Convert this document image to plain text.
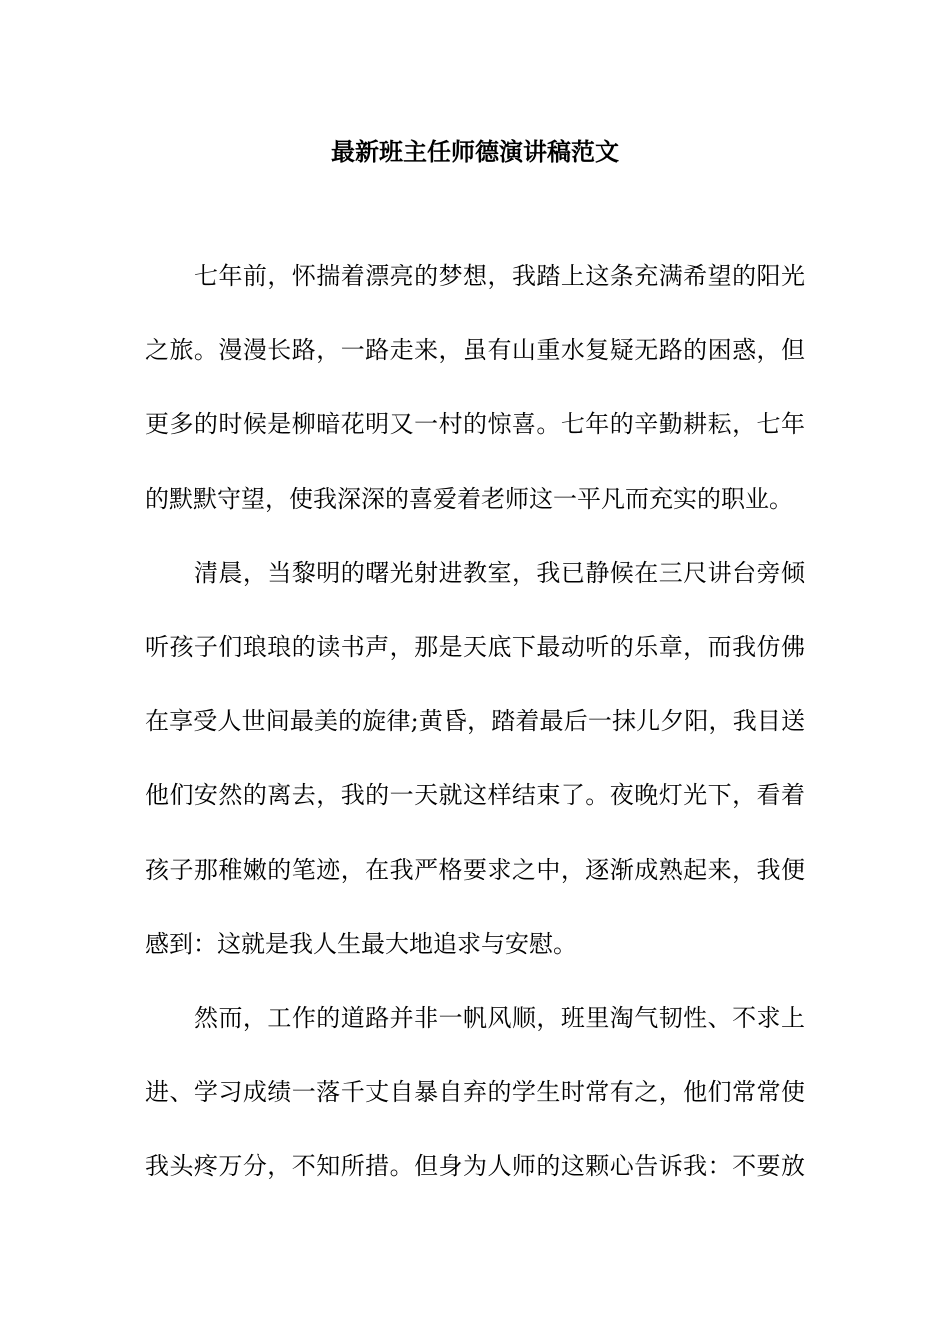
最新班主任师德演讲稿范文
七年前，怀揣着漂亮的梦想，我踏上这条充满希望的阳光
之旅。漫漫长路，一路走来，虽有山重水复疑无路的困惑，但
更多的时候是柳暗花明又一村的惊喜。七年的辛勤耕耘，七年
的默默守望，使我深深的喜爱着老师这一平凡而充实的职业。
清晨，当黎明的曙光射进教室，我已静候在三尺讲台旁倾
听孩子们琅琅的读书声，那是天底下最动听的乐章，而我仿佛
在享受人世间最美的旋律;黄昏，踏着最后一抹儿夕阳，我目送
他们安然的离去，我的一天就这样结束了。夜晚灯光下，看着
孩子那稚嫩的笔迹，在我严格要求之中，逐渐成熟起来，我便
感到：这就是我人生最大地追求与安慰。
然而，工作的道路并非一帆风顺，班里淘气韧性、不求上
进、学习成绩一落千丈自暴自弃的学生时常有之，他们常常使
我头疼万分，不知所措。但身为人师的这颗心告诉我：不要放
